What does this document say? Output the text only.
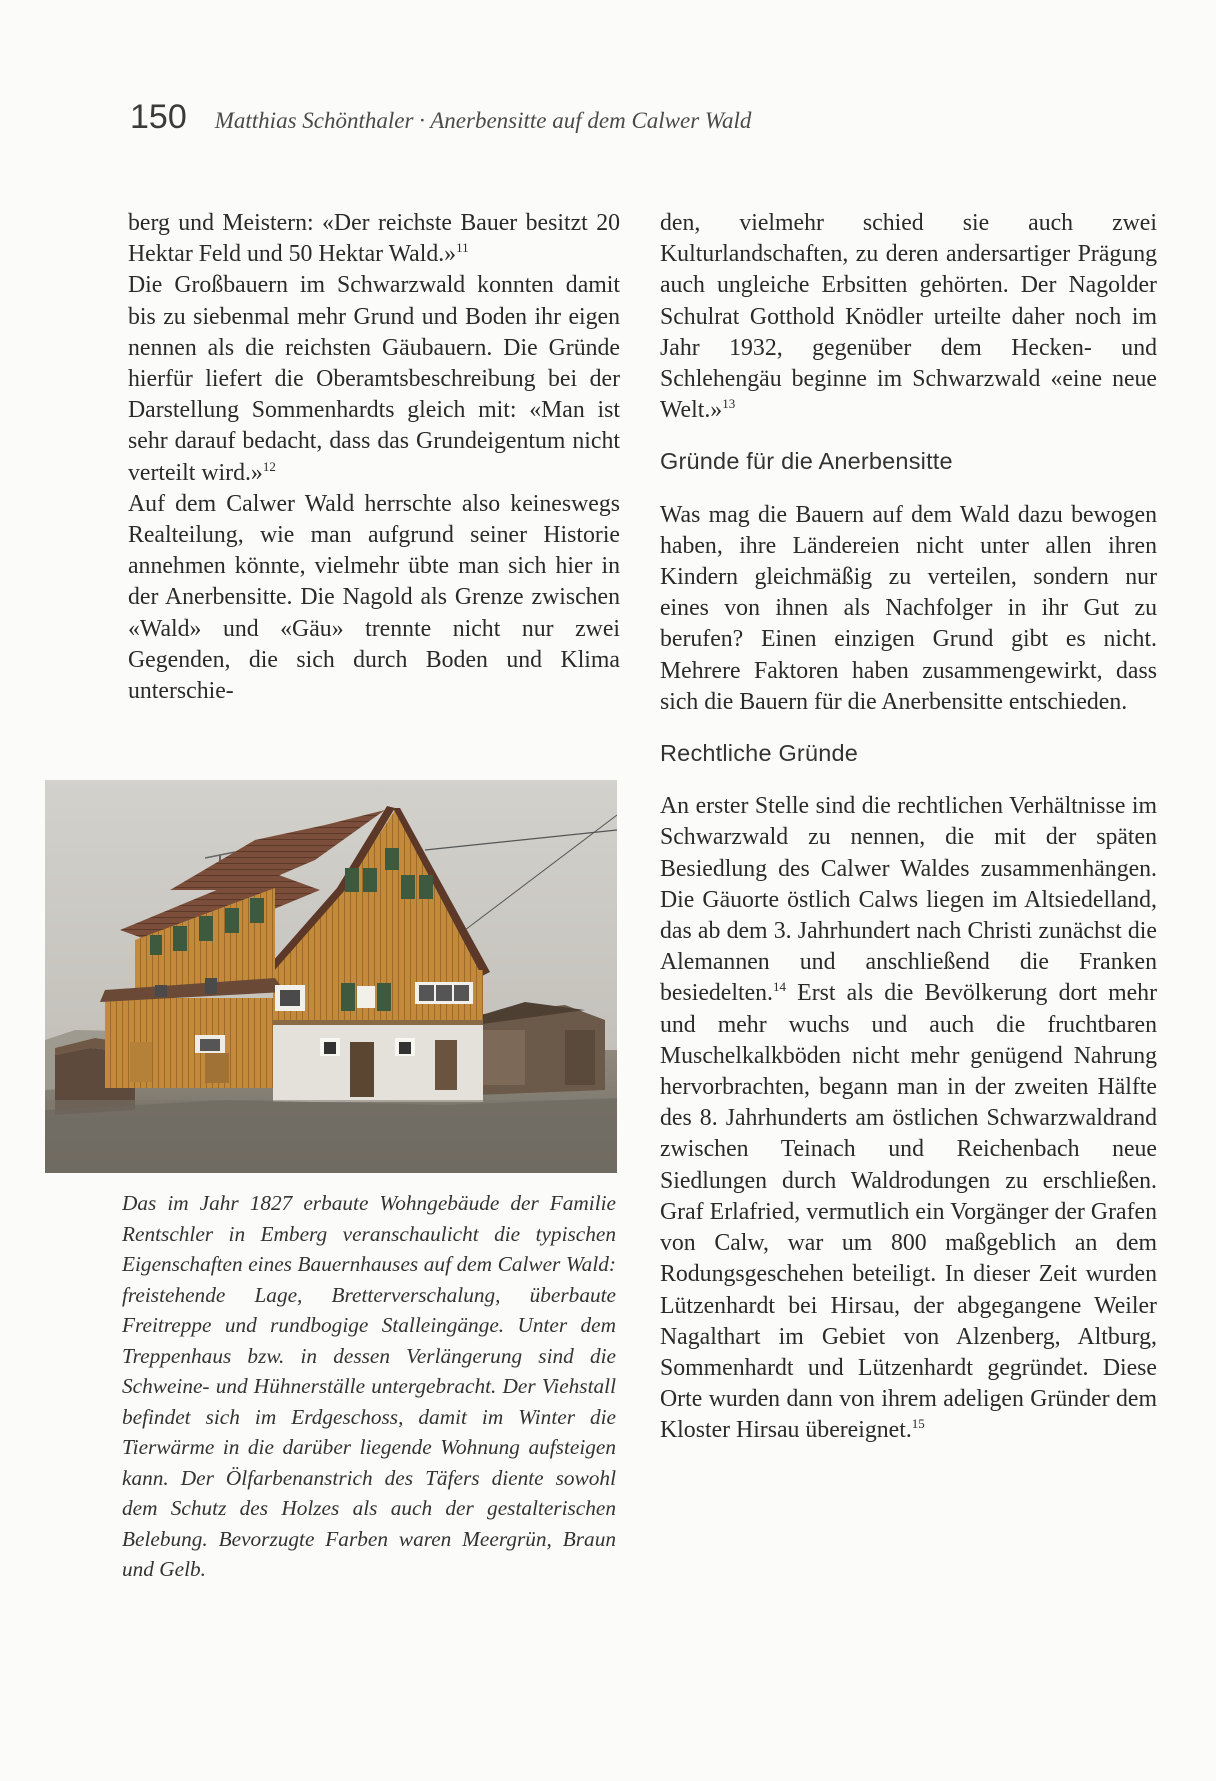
150 Matthias Schönthaler · Anerbensitte auf dem Calwer Wald

berg und Meistern: «Der reichste Bauer besitzt 20 Hektar Feld und 50 Hektar Wald.»$^{11}$

Die Großbauern im Schwarzwald konnten damit bis zu siebenmal mehr Grund und Boden ihr eigen nennen als die reichsten Gäubauern. Die Gründe hierfür liefert die Oberamtsbeschreibung bei der Darstellung Sommenhardts gleich mit: «Man ist sehr darauf bedacht, dass das Grundeigentum nicht verteilt wird.»$^{12}$

Auf dem Calwer Wald herrschte also keineswegs Realteilung, wie man aufgrund seiner Historie annehmen könnte, vielmehr übte man sich hier in der Anerbensitte. Die Nagold als Grenze zwischen «Wald» und «Gäu» trennte nicht nur zwei Gegenden, die sich durch Boden und Klima unterschie-

Das im Jahr 1827 erbaute Wohngebäude der Familie Rentschler in Emberg veranschaulicht die typischen Eigenschaften eines Bauernhauses auf dem Calwer Wald: freistehende Lage, Bretterverschalung, überbaute Freitreppe und rundbogige Stalleingänge. Unter dem Treppenhaus bzw. in dessen Verlängerung sind die Schweine- und Hühnerställe untergebracht. Der Viehstall befindet sich im Erdgeschoss, damit im Winter die Tierwärme in die darüber liegende Wohnung aufsteigen kann. Der Ölfarbenanstrich des Täfers diente sowohl dem Schutz des Holzes als auch der gestalterischen Belebung. Bevorzugte Farben waren Meergrün, Braun und Gelb.

den, vielmehr schied sie auch zwei Kulturlandschaften, zu deren andersartiger Prägung auch ungleiche Erbsitten gehörten. Der Nagolder Schulrat Gotthold Knödler urteilte daher noch im Jahr 1932, gegenüber dem Hecken- und Schlehengäu beginne im Schwarzwald «eine neue Welt.»$^{13}$

Gründe für die Anerbensitte

Was mag die Bauern auf dem Wald dazu bewogen haben, ihre Ländereien nicht unter allen ihren Kindern gleichmäßig zu verteilen, sondern nur eines von ihnen als Nachfolger in ihr Gut zu berufen? Einen einzigen Grund gibt es nicht. Mehrere Faktoren haben zusammengewirkt, dass sich die Bauern für die Anerbensitte entschieden.

Rechtliche Gründe

An erster Stelle sind die rechtlichen Verhältnisse im Schwarzwald zu nennen, die mit der späten Besiedlung des Calwer Waldes zusammenhängen. Die Gäuorte östlich Calws liegen im Altsiedelland, das ab dem 3. Jahrhundert nach Christi zunächst die Alemannen und anschließend die Franken besiedelten.$^{14}$ Erst als die Bevölkerung dort mehr und mehr wuchs und auch die fruchtbaren Muschelkalkböden nicht mehr genügend Nahrung hervorbrachten, begann man in der zweiten Hälfte des 8. Jahrhunderts am östlichen Schwarzwaldrand zwischen Teinach und Reichenbach neue Siedlungen durch Waldrodungen zu erschließen. Graf Erlafried, vermutlich ein Vorgänger der Grafen von Calw, war um 800 maßgeblich an dem Rodungsgeschehen beteiligt. In dieser Zeit wurden Lützenhardt bei Hirsau, der abgegangene Weiler Nagalthart im Gebiet von Alzenberg, Altburg, Sommenhardt und Lützenhardt gegründet. Diese Orte wurden dann von ihrem adeligen Gründer dem Kloster Hirsau übereignet.$^{15}$
